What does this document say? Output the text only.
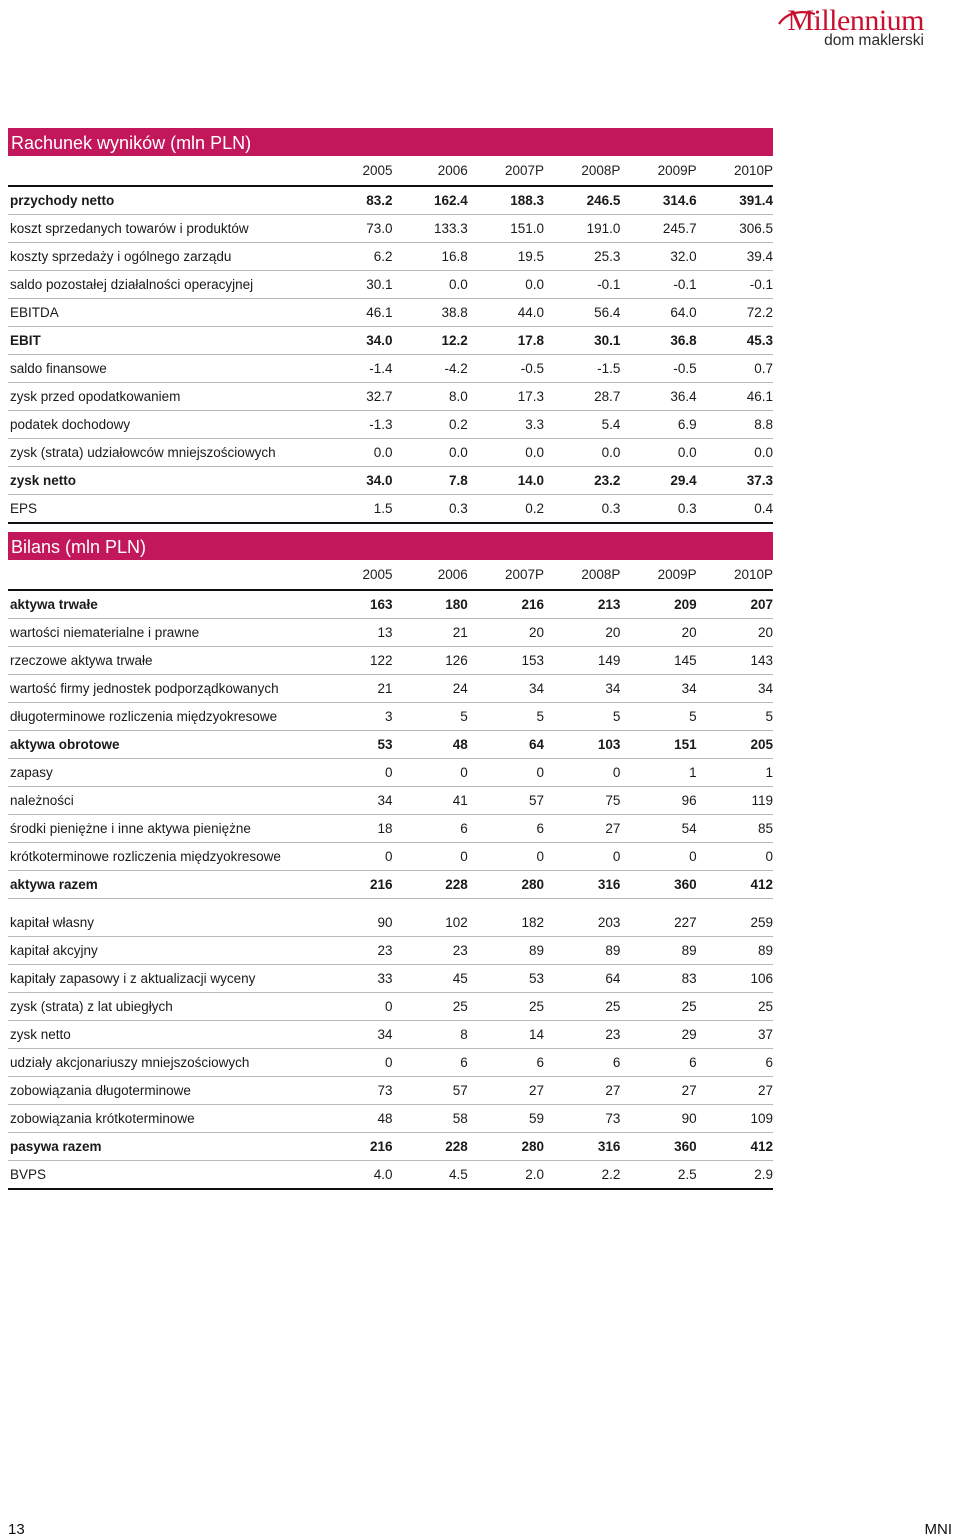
Millennium
dom maklerski
Rachunek wyników (mln PLN)
	2005	2006	2007P	2008P	2009P	2010P
przychody netto	83.2	162.4	188.3	246.5	314.6	391.4
koszt sprzedanych towarów i produktów	73.0	133.3	151.0	191.0	245.7	306.5
koszty sprzedaży i ogólnego zarządu	6.2	16.8	19.5	25.3	32.0	39.4
saldo pozostałej działalności operacyjnej	30.1	0.0	0.0	-0.1	-0.1	-0.1
EBITDA	46.1	38.8	44.0	56.4	64.0	72.2
EBIT	34.0	12.2	17.8	30.1	36.8	45.3
saldo finansowe	-1.4	-4.2	-0.5	-1.5	-0.5	0.7
zysk przed opodatkowaniem	32.7	8.0	17.3	28.7	36.4	46.1
podatek dochodowy	-1.3	0.2	3.3	5.4	6.9	8.8
zysk (strata) udziałowców mniejszościowych	0.0	0.0	0.0	0.0	0.0	0.0
zysk netto	34.0	7.8	14.0	23.2	29.4	37.3
EPS	1.5	0.3	0.2	0.3	0.3	0.4
Bilans (mln PLN)
	2005	2006	2007P	2008P	2009P	2010P
aktywa trwałe	163	180	216	213	209	207
wartości niematerialne i prawne	13	21	20	20	20	20
rzeczowe aktywa trwałe	122	126	153	149	145	143
wartość firmy jednostek podporządkowanych	21	24	34	34	34	34
długoterminowe rozliczenia międzyokresowe	3	5	5	5	5	5
aktywa obrotowe	53	48	64	103	151	205
zapasy	0	0	0	0	1	1
należności	34	41	57	75	96	119
środki pieniężne i inne aktywa pieniężne	18	6	6	27	54	85
krótkoterminowe rozliczenia międzyokresowe	0	0	0	0	0	0
aktywa razem	216	228	280	316	360	412

kapitał własny	90	102	182	203	227	259
kapitał akcyjny	23	23	89	89	89	89
kapitały zapasowy i z aktualizacji wyceny	33	45	53	64	83	106
zysk (strata) z lat ubiegłych	0	25	25	25	25	25
zysk netto	34	8	14	23	29	37
udziały akcjonariuszy mniejszościowych	0	6	6	6	6	6
zobowiązania długoterminowe	73	57	27	27	27	27
zobowiązania krótkoterminowe	48	58	59	73	90	109
pasywa razem	216	228	280	316	360	412
BVPS	4.0	4.5	2.0	2.2	2.5	2.9
13	MNI
